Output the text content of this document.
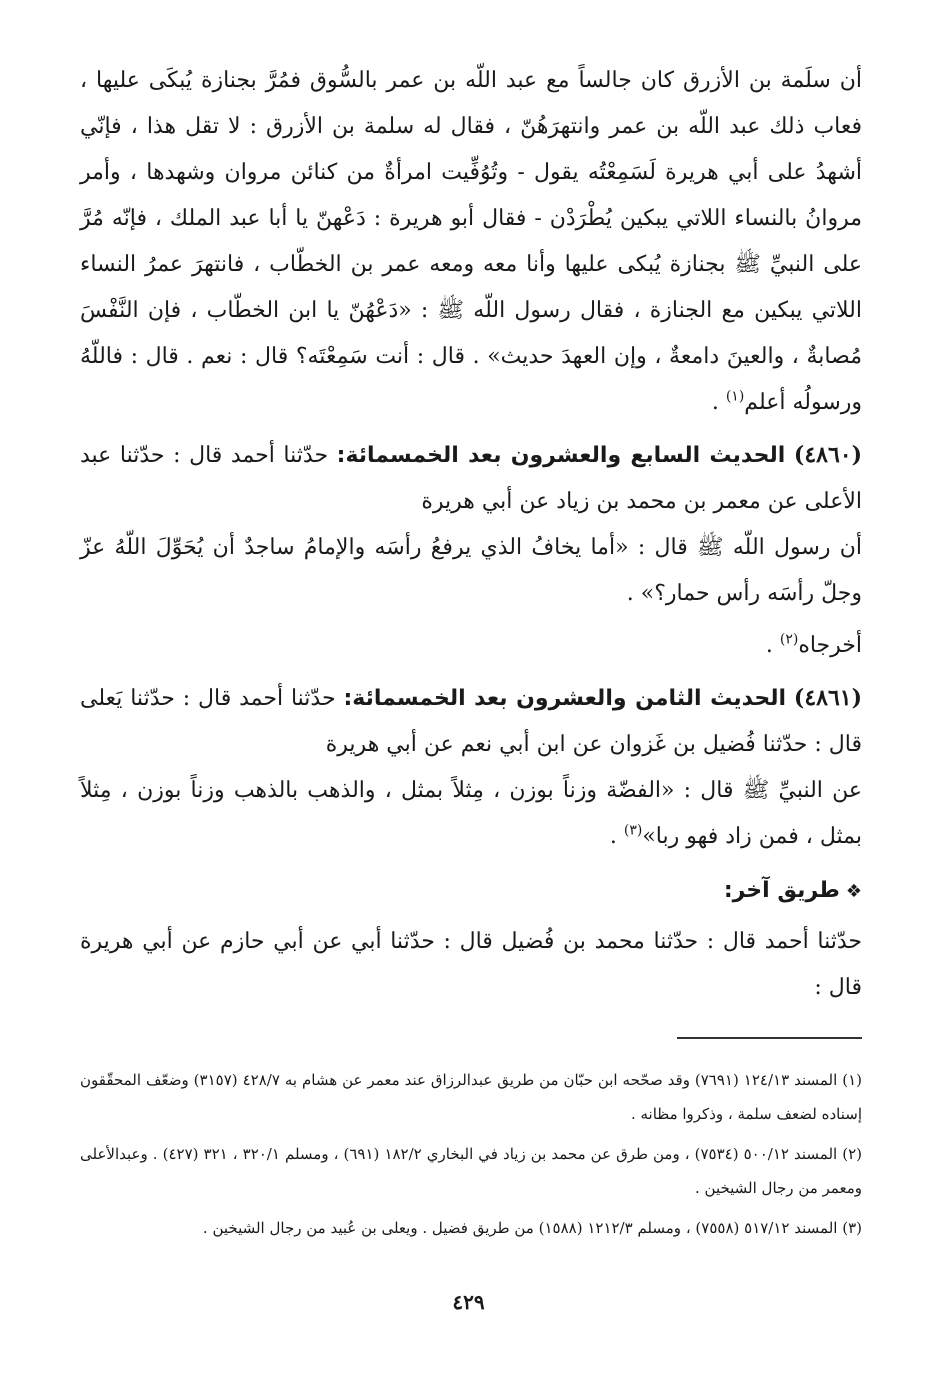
أن سلَمة بن الأزرق كان جالساً مع عبد اللّه بن عمر بالسُّوق فمُرَّ بجنازة يُبكَى عليها ، فعاب ذلك عبد اللّه بن عمر وانتهرَهُنّ ، فقال له سلمة بن الأزرق : لا تقل هذا ، فإنّي أشهدُ على أبي هريرة لَسَمِعْتُه يقول - وتُوُفِّيت امرأةٌ من كنائن مروان وشهدها ، وأمر مروانُ بالنساء اللاتي يبكين يُطْرَدْن - فقال أبو هريرة : دَعْهنّ يا أبا عبد الملك ، فإنّه مُرَّ على النبيِّ ﷺ بجنازة يُبكى عليها وأنا معه ومعه عمر بن الخطّاب ، فانتهرَ عمرُ النساء اللاتي يبكين مع الجنازة ، فقال رسول اللّه ﷺ : «دَعْهُنّ يا ابن الخطّاب ، فإن النَّفْسَ مُصابةٌ ، والعينَ دامعةٌ ، وإن العهدَ حديث» . قال : أنت سَمِعْتَه؟ قال : نعم . قال : فاللّهُ ورسولُه أعلم$^{(١)}$ .

(٤٨٦٠) الحديث السابع والعشرون بعد الخمسمائة: حدّثنا أحمد قال : حدّثنا عبد الأعلى عن معمر بن محمد بن زياد عن أبي هريرة

أن رسول اللّه ﷺ قال : «أما يخافُ الذي يرفعُ رأسَه والإمامُ ساجدٌ أن يُحَوِّلَ اللّهُ عزّ وجلّ رأسَه رأس حمار؟» .

أخرجاه$^{(٢)}$ .

(٤٨٦١) الحديث الثامن والعشرون بعد الخمسمائة: حدّثنا أحمد قال : حدّثنا يَعلى قال : حدّثنا فُضيل بن غَزوان عن ابن أبي نعم عن أبي هريرة

عن النبيِّ ﷺ قال : «الفضّة وزناً بوزن ، مِثلاً بمثل ، والذهب بالذهب وزناً بوزن ، مِثلاً بمثل ، فمن زاد فهو ربا»$^{(٣)}$ .

❖طريق آخر:

حدّثنا أحمد قال : حدّثنا محمد بن فُضيل قال : حدّثنا أبي عن أبي حازم عن أبي هريرة قال :

(١) المسند ١٢٤/١٣ (٧٦٩١) وقد صحّحه ابن حبّان من طريق عبدالرزاق عند معمر عن هشام به ٤٢٨/٧ (٣١٥٧) وضعّف المحقّقون إسناده لضعف سلمة ، وذكروا مظانه .

(٢) المسند ٥٠٠/١٢ (٧٥٣٤) ، ومن طرق عن محمد بن زياد في البخاري ١٨٢/٢ (٦٩١) ، ومسلم ٣٢٠/١ ، ٣٢١ (٤٢٧) . وعبدالأعلى ومعمر من رجال الشيخين .

(٣) المسند ٥١٧/١٢ (٧٥٥٨) ، ومسلم ١٢١٢/٣ (١٥٨٨) من طريق فضيل . ويعلى بن عُبيد من رجال الشيخين .

٤٢٩
